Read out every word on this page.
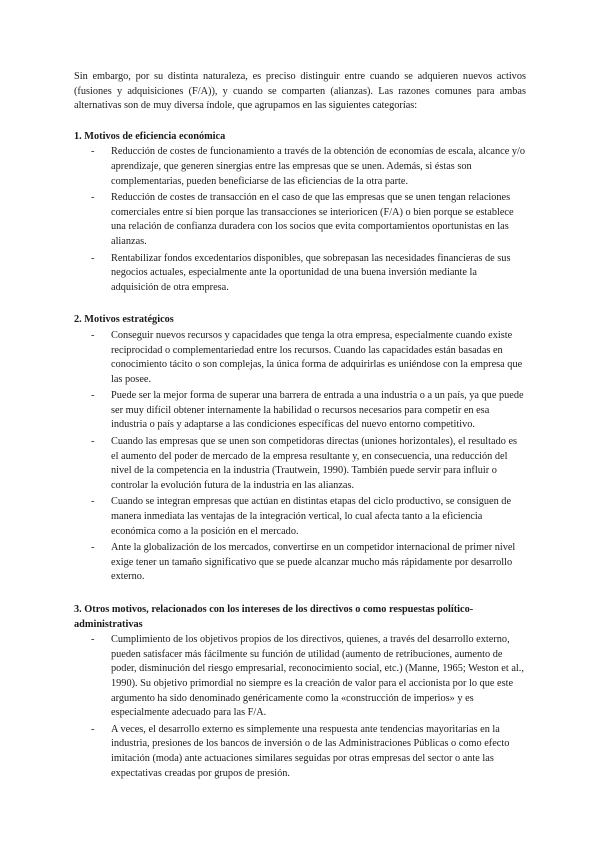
Sin embargo, por su distinta naturaleza, es preciso distinguir entre cuando se adquieren nuevos activos (fusiones y adquisiciones (F/A)), y cuando se comparten (alianzas). Las razones comunes para ambas alternativas son de muy diversa índole, que agrupamos en las siguientes categorías:

1. Motivos de eficiencia económica
- Reducción de costes de funcionamiento a través de la obtención de economías de escala, alcance y/o aprendizaje, que generen sinergias entre las empresas que se unen. Además, si éstas son complementarias, pueden beneficiarse de las eficiencias de la otra parte.
- Reducción de costes de transacción en el caso de que las empresas que se unen tengan relaciones comerciales entre sí bien porque las transacciones se interioricen (F/A) o bien porque se establece una relación de confianza duradera con los socios que evita comportamientos oportunistas en las alianzas.
- Rentabilizar fondos excedentarios disponibles, que sobrepasan las necesidades financieras de sus negocios actuales, especialmente ante la oportunidad de una buena inversión mediante la adquisición de otra empresa.
2. Motivos estratégicos
- Conseguir nuevos recursos y capacidades que tenga la otra empresa, especialmente cuando existe reciprocidad o complementariedad entre los recursos. Cuando las capacidades están basadas en conocimiento tácito o son complejas, la única forma de adquirirlas es uniéndose con la empresa que las posee.
- Puede ser la mejor forma de superar una barrera de entrada a una industria o a un país, ya que puede ser muy difícil obtener internamente la habilidad o recursos necesarios para competir en esa industria o país y adaptarse a las condiciones específicas del nuevo entorno competitivo.
- Cuando las empresas que se unen son competidoras directas (uniones horizontales), el resultado es el aumento del poder de mercado de la empresa resultante y, en consecuencia, una reducción del nivel de la competencia en la industria (Trautwein, 1990). También puede servir para influir o controlar la evolución futura de la industria en las alianzas.
- Cuando se integran empresas que actúan en distintas etapas del ciclo productivo, se consiguen de manera inmediata las ventajas de la integración vertical, lo cual afecta tanto a la eficiencia económica como a la posición en el mercado.
- Ante la globalización de los mercados, convertirse en un competidor internacional de primer nivel exige tener un tamaño significativo que se puede alcanzar mucho más rápidamente por desarrollo externo.
3. Otros motivos, relacionados con los intereses de los directivos o como respuestas político-administrativas
- Cumplimiento de los objetivos propios de los directivos, quienes, a través del desarrollo externo, pueden satisfacer más fácilmente su función de utilidad (aumento de retribuciones, aumento de poder, disminución del riesgo empresarial, reconocimiento social, etc.) (Manne, 1965; Weston et al., 1990). Su objetivo primordial no siempre es la creación de valor para el accionista por lo que este argumento ha sido denominado genéricamente como la «construcción de imperios» y es especialmente adecuado para las F/A.
- A veces, el desarrollo externo es simplemente una respuesta ante tendencias mayoritarias en la industria, presiones de los bancos de inversión o de las Administraciones Públicas o como efecto imitación (moda) ante actuaciones similares seguidas por otras empresas del sector o ante las expectativas creadas por grupos de presión.
